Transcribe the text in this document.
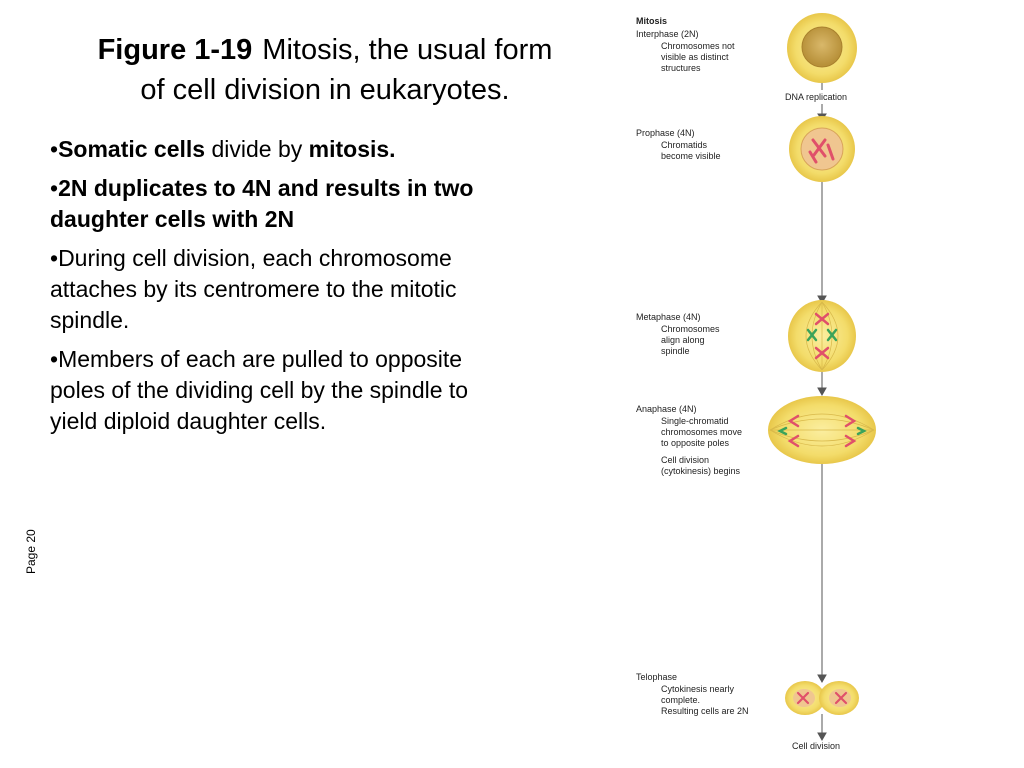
Figure 1-19 Mitosis, the usual form
of cell division in eukaryotes.
•Somatic cells divide by mitosis.
•2N duplicates to 4N and results in two daughter cells with 2N
•During cell division, each chromosome attaches by its centromere to the mitotic spindle.
•Members of each are pulled to opposite poles of the dividing cell by the spindle to yield diploid daughter cells.
Page 20
Mitosis
Interphase (2N)
Chromosomes not
visible as distinct
structures
Prophase (4N)
Chromatids
become visible
Metaphase (4N)
Chromosomes
align along
spindle
Anaphase (4N)
Single-chromatid
chromosomes move
to opposite poles
Cell division
(cytokinesis) begins
Telophase
Cytokinesis nearly
complete.
Resulting cells are 2N
DNA replication
Cell division
